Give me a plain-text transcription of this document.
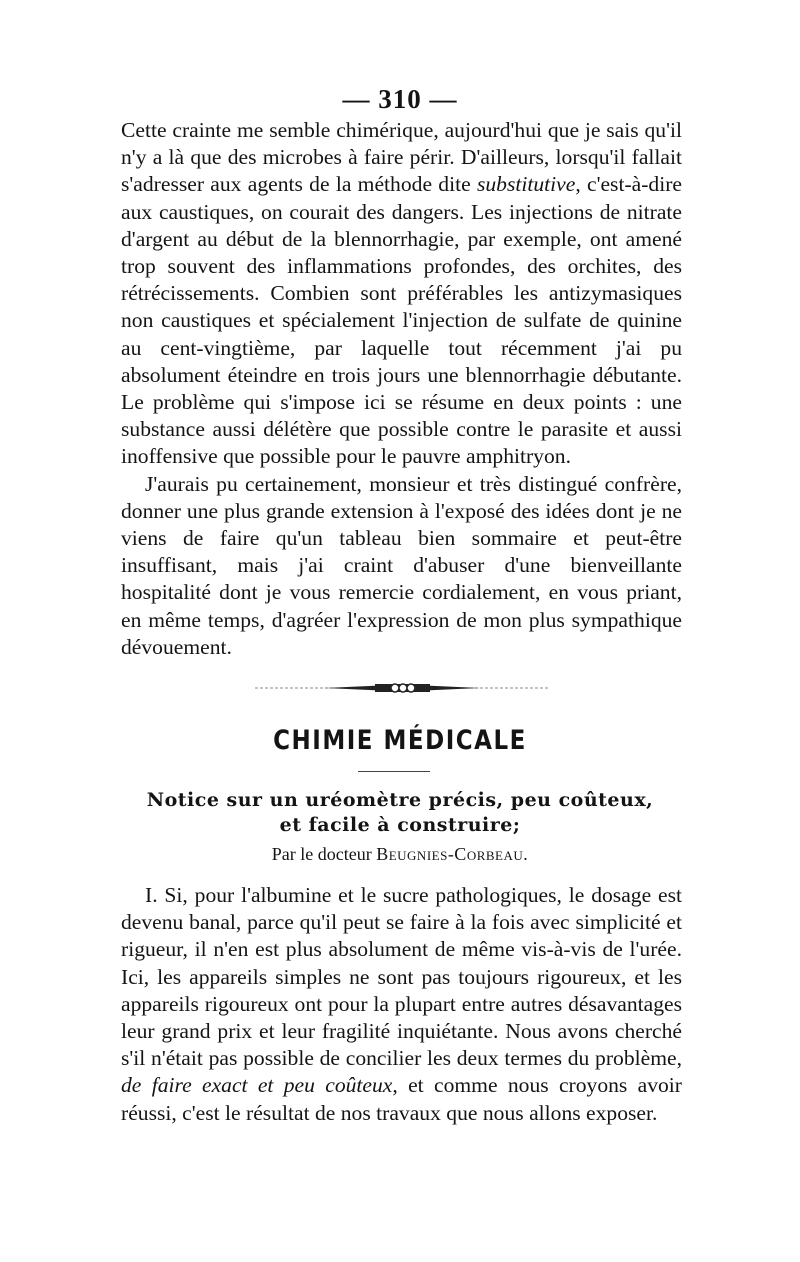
— 310 —

Cette crainte me semble chimérique, aujourd'hui que je sais qu'il n'y a là que des microbes à faire périr. D'ailleurs, lorsqu'il fallait s'adresser aux agents de la méthode dite substitutive, c'est-à-dire aux caustiques, on courait des dangers. Les injections de nitrate d'argent au début de la blennorrhagie, par exemple, ont amené trop souvent des inflammations profondes, des orchites, des rétrécissements. Combien sont préférables les antizymasiques non caustiques et spécialement l'injection de sulfate de quinine au cent-vingtième, par laquelle tout récemment j'ai pu absolument éteindre en trois jours une blennorrhagie débutante. Le problème qui s'impose ici se résume en deux points : une substance aussi délétère que possible contre le parasite et aussi inoffensive que possible pour le pauvre amphitryon.

J'aurais pu certainement, monsieur et très distingué confrère, donner une plus grande extension à l'exposé des idées dont je ne viens de faire qu'un tableau bien sommaire et peut-être insuffisant, mais j'ai craint d'abuser d'une bienveillante hospitalité dont je vous remercie cordialement, en vous priant, en même temps, d'agréer l'expression de mon plus sympathique dévouement.

CHIMIE MÉDICALE
Notice sur un uréomètre précis, peu coûteux,
et facile à construire;
Par le docteur Beugnies-Corbeau.

I. Si, pour l'albumine et le sucre pathologiques, le dosage est devenu banal, parce qu'il peut se faire à la fois avec simplicité et rigueur, il n'en est plus absolument de même vis-à-vis de l'urée. Ici, les appareils simples ne sont pas toujours rigoureux, et les appareils rigoureux ont pour la plupart entre autres désavantages leur grand prix et leur fragilité inquiétante. Nous avons cherché s'il n'était pas possible de concilier les deux termes du problème, de faire exact et peu coûteux, et comme nous croyons avoir réussi, c'est le résultat de nos travaux que nous allons exposer.
